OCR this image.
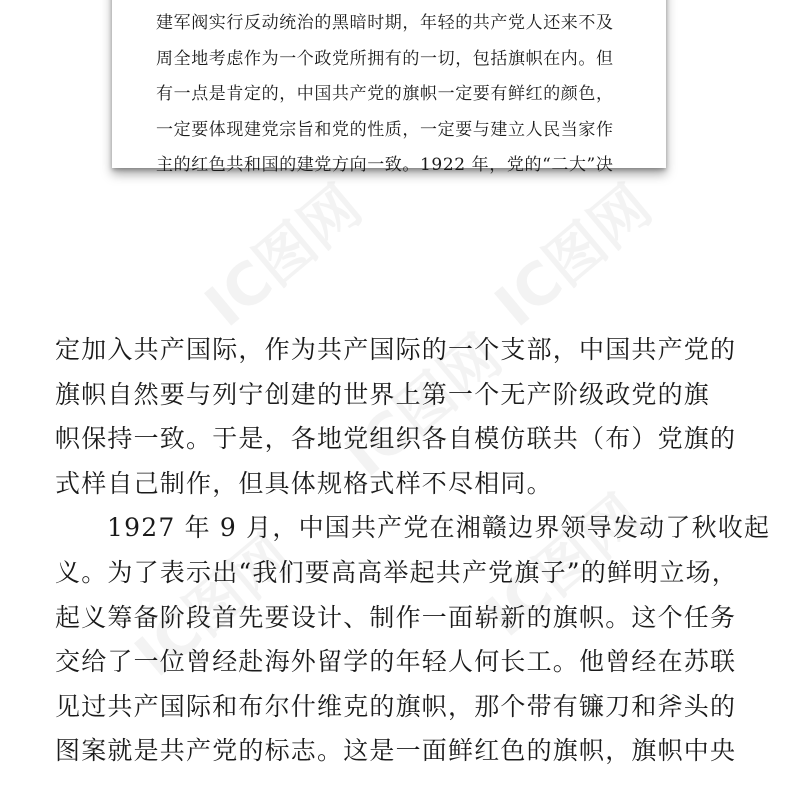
IC图网 IC图网
IC图网
IC图网	IC图网
建军阀实行反动统治的黑暗时期，年轻的共产党人还来不及
周全地考虑作为一个政党所拥有的一切，包括旗帜在内。但
有一点是肯定的，中国共产党的旗帜一定要有鲜红的颜色，
一定要体现建党宗旨和党的性质，一定要与建立人民当家作
主的红色共和国的建党方向一致。1922 年，党的“二大”决
定加入共产国际，作为共产国际的一个支部，中国共产党的
旗帜自然要与列宁创建的世界上第一个无产阶级政党的旗
帜保持一致。于是，各地党组织各自模仿联共（布）党旗的
式样自己制作，但具体规格式样不尽相同。
1927 年 9 月，中国共产党在湘赣边界领导发动了秋收起
义。为了表示出“我们要高高举起共产党旗子”的鲜明立场，
起义筹备阶段首先要设计、制作一面崭新的旗帜。这个任务
交给了一位曾经赴海外留学的年轻人何长工。他曾经在苏联
见过共产国际和布尔什维克的旗帜，那个带有镰刀和斧头的
图案就是共产党的标志。这是一面鲜红色的旗帜，旗帜中央
